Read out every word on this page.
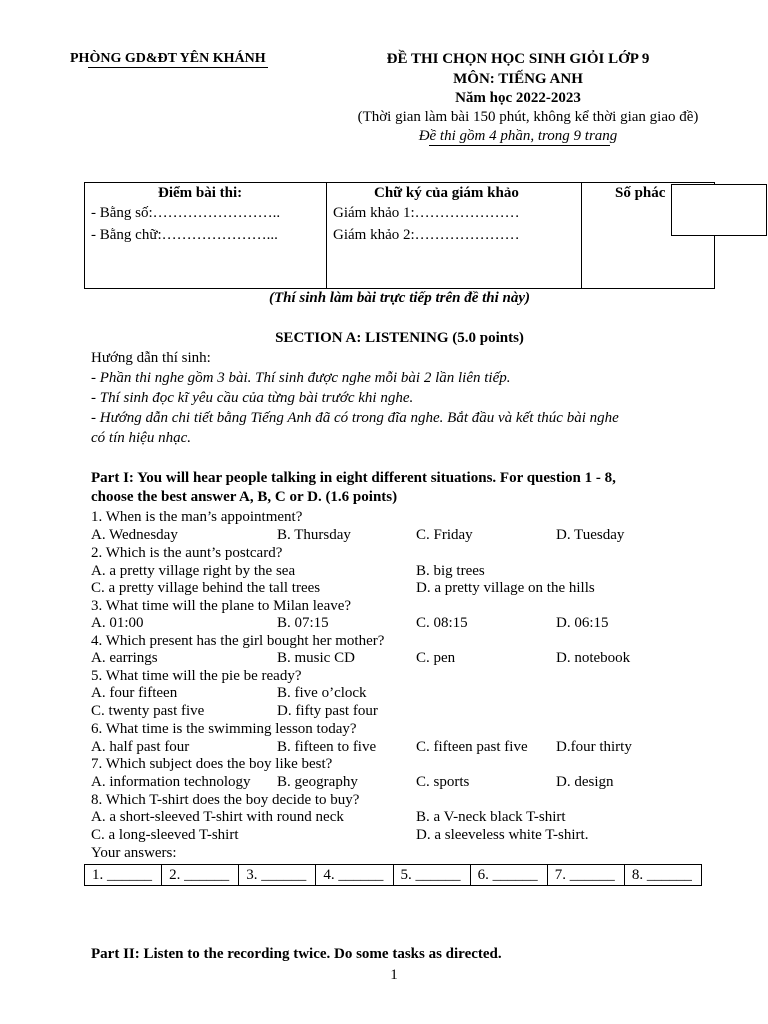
PHÒNG GD&ĐT YÊN KHÁNH	ĐỀ THI CHỌN HỌC SINH GIỎI LỚP 9
MÔN: TIẾNG ANH
Năm học 2022-2023
(Thời gian làm bài 150 phút, không kể thời gian giao đề)
Đề thi gồm 4 phần, trong 9 trang
Điểm bài thi:
- Bằng số:……………………..
- Bằng chữ:…………………...
Chữ ký của giám khảo
Giám khảo 1:…………………
Giám khảo 2:…………………
Số phác
(Thí sinh làm bài trực tiếp trên đề thi này)
SECTION A: LISTENING (5.0 points)
Hướng dẫn thí sinh:
- Phần thi nghe gồm 3 bài. Thí sinh được nghe mỗi bài 2 lần liên tiếp.
- Thí sinh đọc kĩ yêu cầu của từng bài trước khi nghe.
- Hướng dẫn chi tiết bằng Tiếng Anh đã có trong đĩa nghe. Bắt đầu và kết thúc bài nghe
có tín hiệu nhạc.
Part I: You will hear people talking in eight different situations. For question 1 - 8,
choose the best answer A, B, C or D. (1.6 points)
1. When is the man’s appointment?
A. Wednesday	B. Thursday	C. Friday	D. Tuesday
2. Which is the aunt’s postcard?
A. a pretty village right by the sea	B. big trees
C. a pretty village behind the tall trees	D. a pretty village on the hills
3. What time will the plane to Milan leave?
A. 01:00	B. 07:15	C. 08:15	D. 06:15
4. Which present has the girl bought her mother?
A. earrings	B. music CD	C. pen	D. notebook
5. What time will the pie be ready?
A. four fifteen	B. five o’clock
C. twenty past five	D. fifty past four
6. What time is the swimming lesson today?
A. half past four	B. fifteen to five	C. fifteen past five D.four thirty
7. Which subject does the boy like best?
A. information technology B. geography	C. sports	D. design
8. Which T-shirt does the boy decide to buy?
A. a short-sleeved T-shirt with round neck	B. a V-neck black T-shirt
C. a long-sleeved T-shirt	D. a sleeveless white T-shirt.
Your answers:
1. ______	2. ______	3. ______	4. ______	5. ______	6. ______	7. ______	8. ______
Part II: Listen to the recording twice. Do some tasks as directed.
1
